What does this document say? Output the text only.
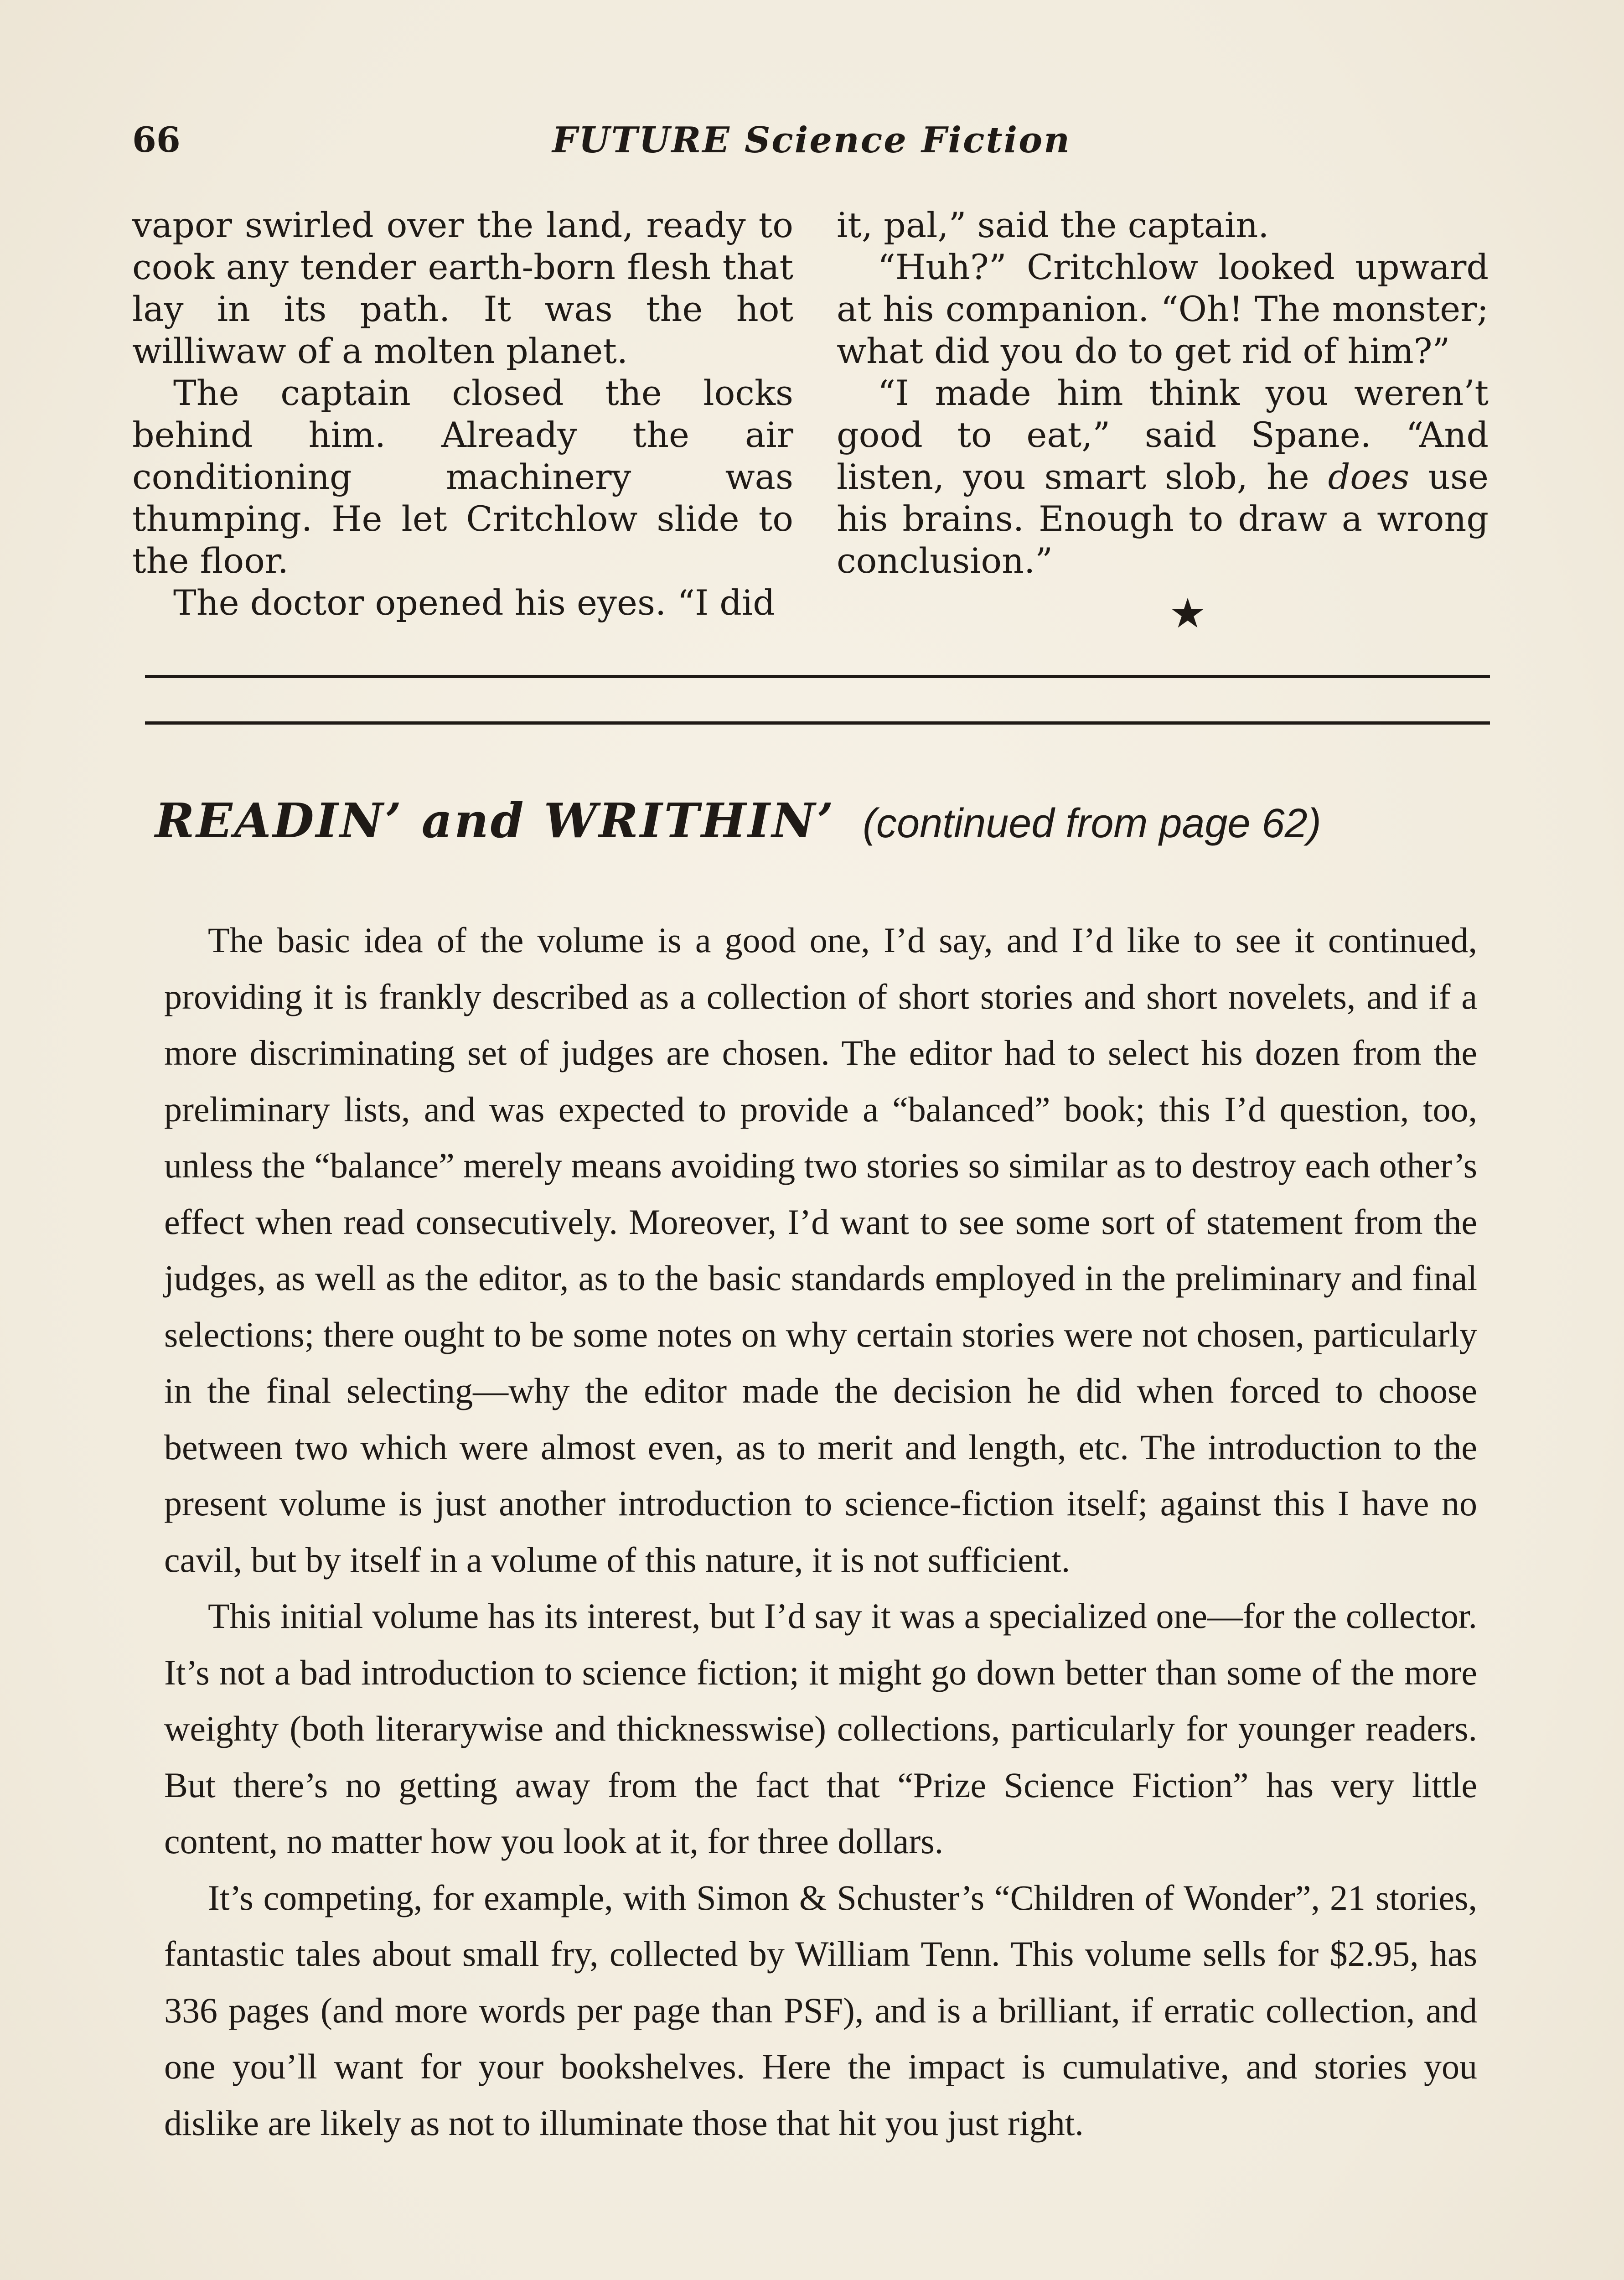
66	FUTURE Science Fiction

vapor swirled over the land, ready to cook any tender earth-born flesh that lay in its path. It was the hot williwaw of a molten planet.

The captain closed the locks behind him. Already the air conditioning machinery was thumping. He let Critchlow slide to the floor.

The doctor opened his eyes. “I did

it, pal,” said the captain.

“Huh?” Critchlow looked upward at his companion. “Oh! The monster; what did you do to get rid of him?”

“I made him think you weren’t good to eat,” said Spane. “And listen, you smart slob, he does use his brains. Enough to draw a wrong conclusion.”

★
READIN’ and WRITHIN’ (continued from page 62)

The basic idea of the volume is a good one, I’d say, and I’d like to see it continued, providing it is frankly described as a collection of short stories and short novelets, and if a more discriminating set of judges are chosen. The editor had to select his dozen from the preliminary lists, and was expected to provide a “balanced” book; this I’d question, too, unless the “balance” merely means avoiding two stories so similar as to destroy each other’s effect when read consecutively. Moreover, I’d want to see some sort of statement from the judges, as well as the editor, as to the basic standards employed in the preliminary and final selections; there ought to be some notes on why certain stories were not chosen, particularly in the final selecting—why the editor made the decision he did when forced to choose between two which were almost even, as to merit and length, etc. The introduction to the present volume is just another introduction to science-fiction itself; against this I have no cavil, but by itself in a volume of this nature, it is not sufficient.

This initial volume has its interest, but I’d say it was a specialized one—for the collector. It’s not a bad introduction to science fiction; it might go down better than some of the more weighty (both literarywise and thicknesswise) collections, particularly for younger readers. But there’s no getting away from the fact that “Prize Science Fiction” has very little content, no matter how you look at it, for three dollars.

It’s competing, for example, with Simon & Schuster’s “Children of Wonder”, 21 stories, fantastic tales about small fry, collected by William Tenn. This volume sells for $2.95, has 336 pages (and more words per page than PSF), and is a brilliant, if erratic collection, and one you’ll want for your bookshelves. Here the impact is cumulative, and stories you dislike are likely as not to illuminate those that hit you just right.
